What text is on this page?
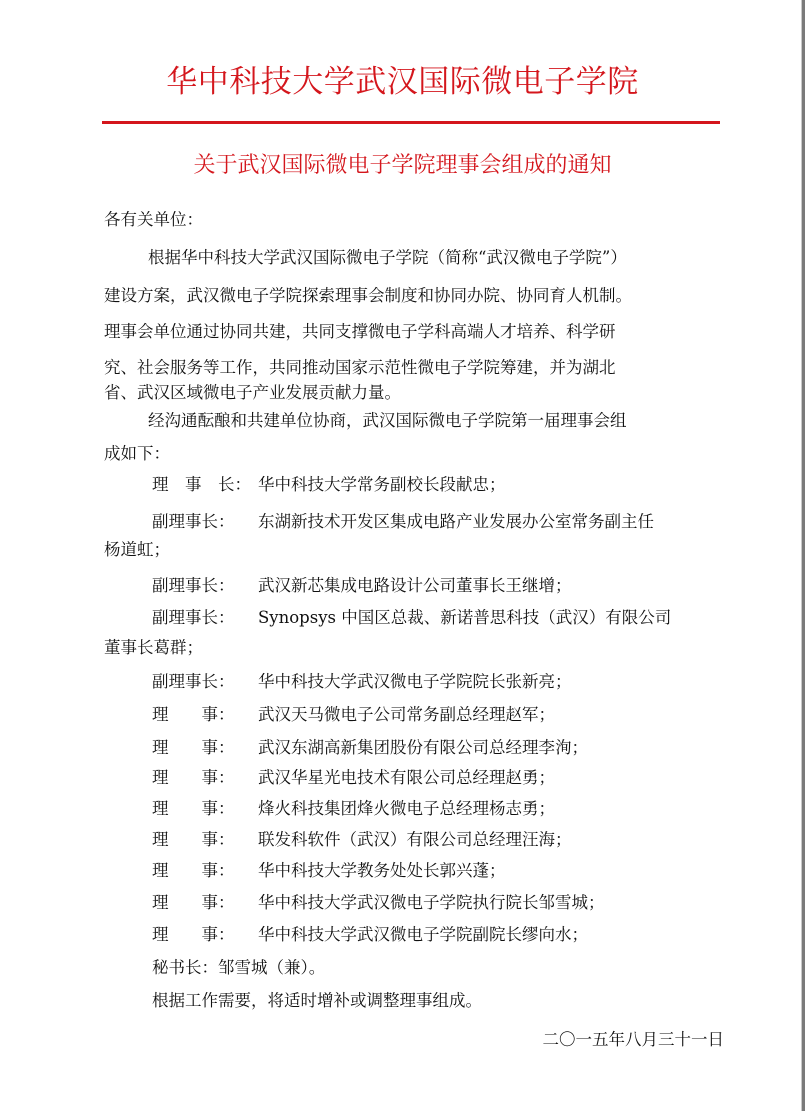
华中科技大学武汉国际微电子学院
关于武汉国际微电子学院理事会组成的通知
各有关单位：
根据华中科技大学武汉国际微电子学院（简称“武汉微电子学院”）
建设方案，武汉微电子学院探索理事会制度和协同办院、协同育人机制。
理事会单位通过协同共建，共同支撑微电子学科高端人才培养、科学研
究、社会服务等工作，共同推动国家示范性微电子学院筹建，并为湖北
省、武汉区域微电子产业发展贡献力量。
经沟通酝酿和共建单位协商，武汉国际微电子学院第一届理事会组
成如下：
理　事　长： 华中科技大学常务副校长段献忠；
副理事长： 东湖新技术开发区集成电路产业发展办公室常务副主任
杨道虹；
副理事长： 武汉新芯集成电路设计公司董事长王继增；
副理事长： Synopsys 中国区总裁、新诺普思科技（武汉）有限公司
董事长葛群；
副理事长： 华中科技大学武汉微电子学院院长张新亮；
理　　事： 武汉天马微电子公司常务副总经理赵军；
理　　事： 武汉东湖高新集团股份有限公司总经理李洵；
理　　事： 武汉华星光电技术有限公司总经理赵勇；
理　　事： 烽火科技集团烽火微电子总经理杨志勇；
理　　事： 联发科软件（武汉）有限公司总经理汪海；
理　　事： 华中科技大学教务处处长郭兴蓬；
理　　事： 华中科技大学武汉微电子学院执行院长邹雪城；
理　　事： 华中科技大学武汉微电子学院副院长缪向水；
秘书长：邹雪城（兼）。
根据工作需要，将适时增补或调整理事组成。
二〇一五年八月三十一日
